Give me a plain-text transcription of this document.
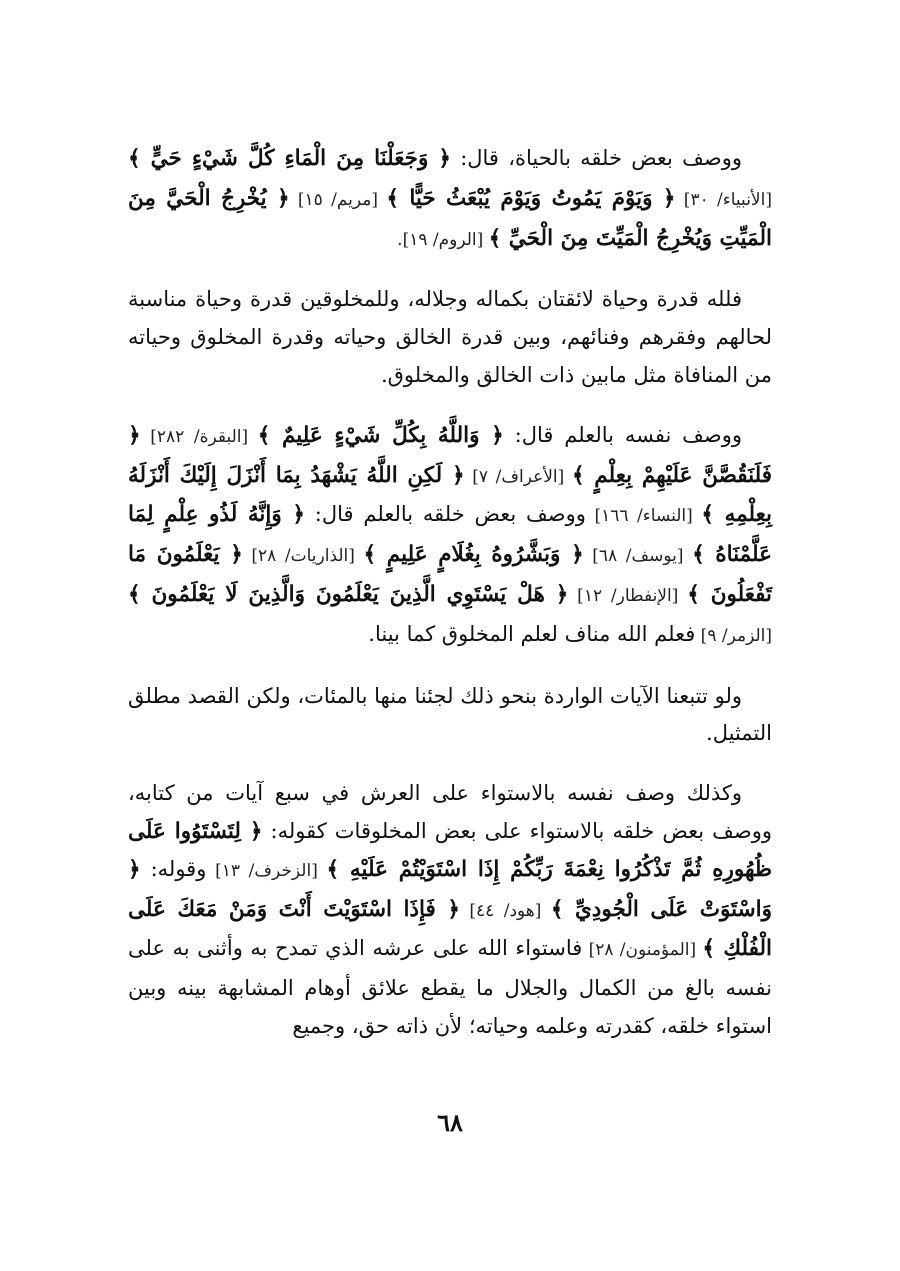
ووصف بعض خلقه بالحياة، قال: ﴿ وَجَعَلْنَا مِنَ الْمَاءِ كُلَّ شَيْءٍ حَيٍّ ﴾ [الأنبياء/ ٣٠] ﴿ وَيَوْمَ يَمُوتُ وَيَوْمَ يُبْعَثُ حَيًّا ﴾ [مريم/ ١٥] ﴿ يُخْرِجُ الْحَيَّ مِنَ الْمَيِّتِ وَيُخْرِجُ الْمَيِّتَ مِنَ الْحَيِّ ﴾ [الروم/ ١٩].

فلله قدرة وحياة لائقتان بكماله وجلاله، وللمخلوقين قدرة وحياة مناسبة لحالهم وفقرهم وفنائهم، وبين قدرة الخالق وحياته وقدرة المخلوق وحياته من المنافاة مثل مابين ذات الخالق والمخلوق.

ووصف نفسه بالعلم قال: ﴿ وَاللَّهُ بِكُلِّ شَيْءٍ عَلِيمٌ ﴾ [البقرة/ ٢٨٢] ﴿ فَلَنَقُصَّنَّ عَلَيْهِمْ بِعِلْمٍ ﴾ [الأعراف/ ٧] ﴿ لَكِنِ اللَّهُ يَشْهَدُ بِمَا أَنْزَلَ إِلَيْكَ أَنْزَلَهُ بِعِلْمِهِ ﴾ [النساء/ ١٦٦] ووصف بعض خلقه بالعلم قال: ﴿ وَإِنَّهُ لَذُو عِلْمٍ لِمَا عَلَّمْنَاهُ ﴾ [يوسف/ ٦٨] ﴿ وَبَشَّرُوهُ بِغُلَامٍ عَلِيمٍ ﴾ [الذاريات/ ٢٨] ﴿ يَعْلَمُونَ مَا تَفْعَلُونَ ﴾ [الإنفطار/ ١٢] ﴿ هَلْ يَسْتَوِي الَّذِينَ يَعْلَمُونَ وَالَّذِينَ لَا يَعْلَمُونَ ﴾ [الزمر/ ٩] فعلم الله مناف لعلم المخلوق كما بينا.

ولو تتبعنا الآيات الواردة بنحو ذلك لجئنا منها بالمئات، ولكن القصد مطلق التمثيل.

وكذلك وصف نفسه بالاستواء على العرش في سبع آيات من كتابه، ووصف بعض خلقه بالاستواء على بعض المخلوقات كقوله: ﴿ لِتَسْتَوُوا عَلَى ظُهُورِهِ ثُمَّ تَذْكُرُوا نِعْمَةَ رَبِّكُمْ إِذَا اسْتَوَيْتُمْ عَلَيْهِ ﴾ [الزخرف/ ١٣] وقوله: ﴿ وَاسْتَوَتْ عَلَى الْجُودِيِّ ﴾ [هود/ ٤٤] ﴿ فَإِذَا اسْتَوَيْتَ أَنْتَ وَمَنْ مَعَكَ عَلَى الْفُلْكِ ﴾ [المؤمنون/ ٢٨] فاستواء الله على عرشه الذي تمدح به وأثنى به على نفسه بالغ من الكمال والجلال ما يقطع علائق أوهام المشابهة بينه وبين استواء خلقه، كقدرته وعلمه وحياته؛ لأن ذاته حق، وجميع

٦٨
